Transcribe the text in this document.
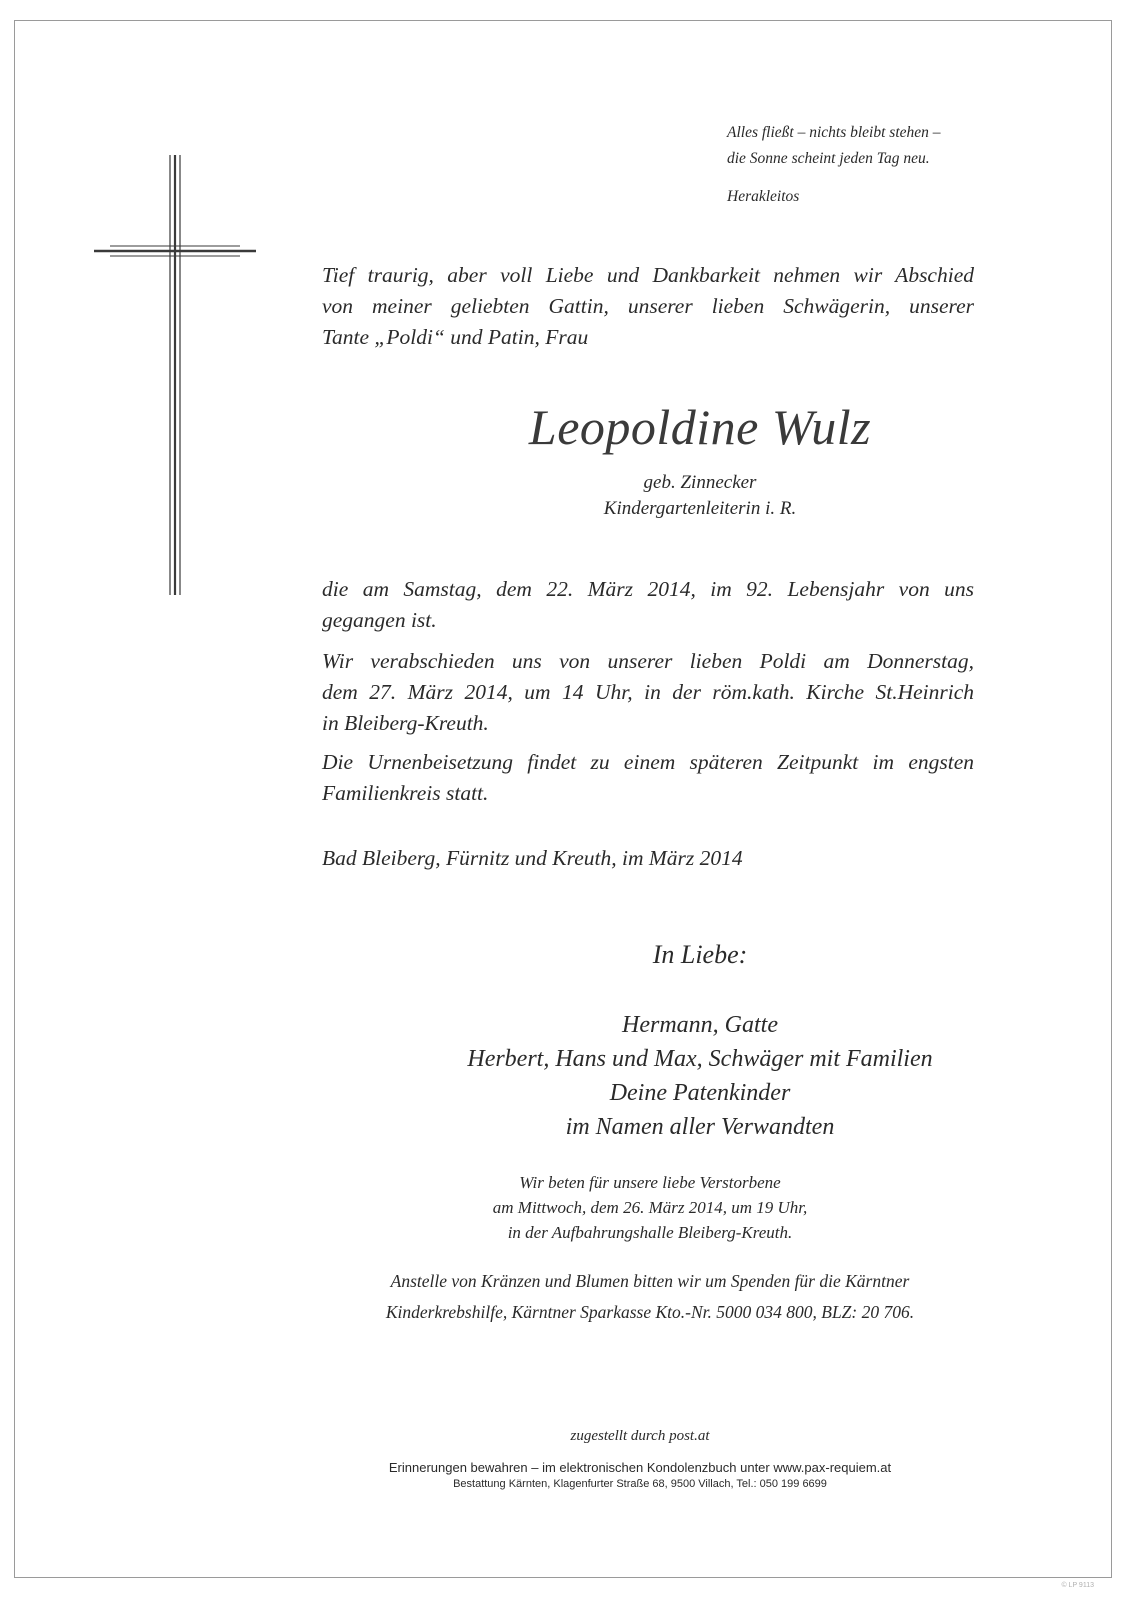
Alles fließt – nichts bleibt stehen –
die Sonne scheint jeden Tag neu.
Herakleitos
Tief traurig, aber voll Liebe und Dankbarkeit nehmen wir Abschied
von meiner geliebten Gattin, unserer lieben Schwägerin, unserer
Tante „Poldi“ und Patin, Frau
Leopoldine Wulz
geb. Zinnecker
Kindergartenleiterin i. R.
die am Samstag, dem 22. März 2014, im 92. Lebensjahr von uns
gegangen ist.
Wir verabschieden uns von unserer lieben Poldi am Donnerstag,
dem 27. März 2014, um 14 Uhr, in der röm.kath. Kirche St.Heinrich
in Bleiberg-Kreuth.
Die Urnenbeisetzung findet zu einem späteren Zeitpunkt im engsten
Familienkreis statt.
Bad Bleiberg, Fürnitz und Kreuth, im März 2014
In Liebe:
Hermann, Gatte
Herbert, Hans und Max, Schwäger mit Familien
Deine Patenkinder
im Namen aller Verwandten
Wir beten für unsere liebe Verstorbene
am Mittwoch, dem 26. März 2014, um 19 Uhr,
in der Aufbahrungshalle Bleiberg-Kreuth.
Anstelle von Kränzen und Blumen bitten wir um Spenden für die Kärntner
Kinderkrebshilfe, Kärntner Sparkasse Kto.-Nr. 5000 034 800, BLZ: 20 706.
zugestellt durch post.at
Erinnerungen bewahren – im elektronischen Kondolenzbuch unter www.pax-requiem.at
Bestattung Kärnten, Klagenfurter Straße 68, 9500 Villach, Tel.: 050 199 6699
© LP 9113
